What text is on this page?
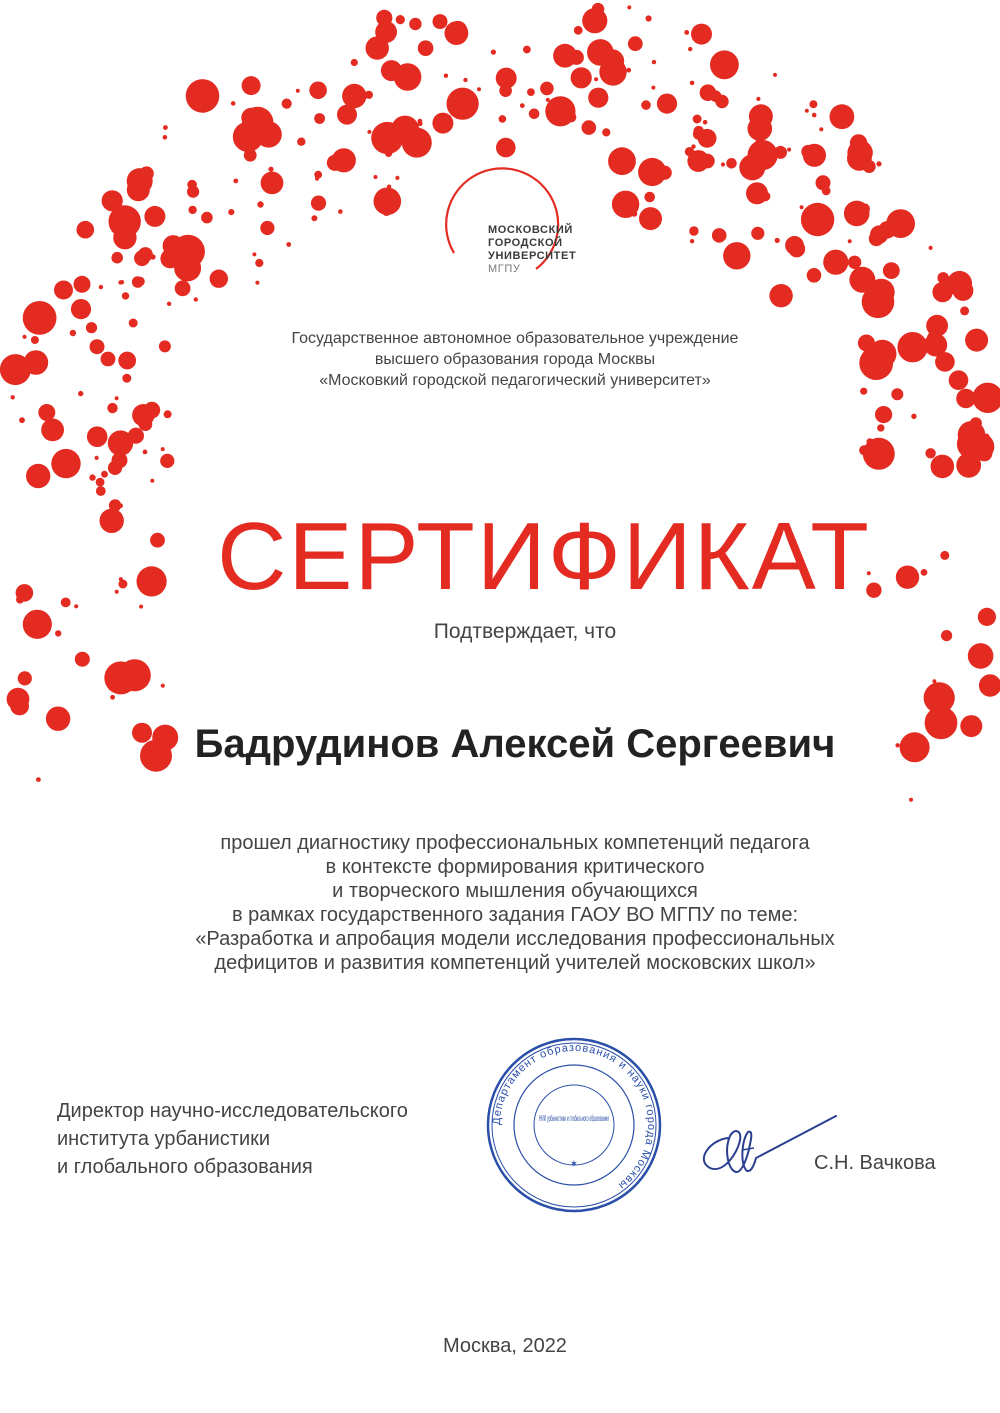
МОСКОВСКИЙ
ГОРОДСКОЙ
УНИВЕРСИТЕТ
МГПУ
Государственное автономное образовательное учреждение
высшего образования города Москвы
«Московкий городской педагогический университет»
СЕРТИФИКАТ
Подтверждает, что
Бадрудинов Алексей Сергеевич
прошел диагностику профессиональных компетенций педагога
в контексте формирования критического
и творческого мышления обучающихся
в рамках государственного задания ГАОУ ВО МГПУ по теме:
«Разработка и апробация модели исследования профессиональных
дефицитов и развития компетенций учителей московских школ»
Директор научно-исследовательского
института урбанистики
и глобального образования
Департамент образования и науки города Москвы
НИИ урбанистики и глобального образования
✶	С.Н. Вачкова
Москва, 2022
